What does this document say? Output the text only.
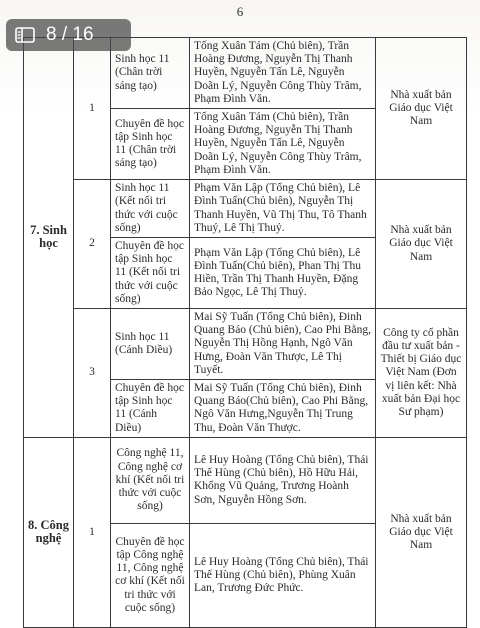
6
7. Sinh học	1	Sinh học 11 (Chân trời sáng tạo)	Tống Xuân Tám (Chủ biên), Trần Hoàng Đương, Nguyễn Thị Thanh Huyền, Nguyễn Tấn Lê, Nguyễn Doãn Lý, Nguyễn Công Thùy Trâm, Phạm Đình Văn.	Nhà xuất bản Giáo dục Việt Nam
		Chuyên đề học tập Sinh học 11 (Chân trời sáng tạo)	Tống Xuân Tám (Chủ biên), Trần Hoàng Đương, Nguyễn Thị Thanh Huyền, Nguyễn Tấn Lê, Nguyễn Doãn Lý, Nguyễn Công Thùy Trâm, Phạm Đình Văn.	
	2	Sinh học 11 (Kết nối tri thức với cuộc sống)	Phạm Văn Lập (Tổng Chủ biên), Lê Đình Tuấn(Chủ biên), Nguyễn Thị Thanh Huyền, Vũ Thị Thu, Tô Thanh Thuý, Lê Thị Thuỷ.	Nhà xuất bản Giáo dục Việt Nam
		Chuyên đề học tập Sinh học 11 (Kết nối tri thức với cuộc sống)	Phạm Văn Lập (Tổng Chủ biên), Lê Đình Tuấn(Chủ biên), Phan Thị Thu Hiền, Trần Thị Thanh Huyền, Đặng Bảo Ngọc, Lê Thị Thuỷ.	
	3	Sinh học 11 (Cánh Diều)	Mai Sỹ Tuấn (Tổng Chủ biên), Đinh Quang Báo (Chủ biên), Cao Phi Bằng, Nguyễn Thị Hồng Hạnh, Ngô Văn Hưng, Đoàn Văn Thược, Lê Thị Tuyết.	Công ty cổ phần đầu tư xuất bản - Thiết bị Giáo dục Việt Nam (Đơn vị liên kết: Nhà xuất bản Đại học Sư phạm)
		Chuyên đề học tập Sinh học 11 (Cánh Diều)	Mai Sỹ Tuấn (Tổng Chủ biên), Đinh Quang Báo(Chủ biên), Cao Phi Bằng, Ngô Văn Hưng,Nguyễn Thị Trung Thu, Đoàn Văn Thược.	
8. Công nghệ	1	Công nghệ 11, Công nghệ cơ khí (Kết nối tri thức với cuộc sống)	Lê Huy Hoàng (Tổng Chủ biên), Thái Thế Hùng (Chủ biên), Hồ Hữu Hải, Khổng Vũ Quảng, Trương Hoành Sơn, Nguyễn Hồng Sơn.	Nhà xuất bản Giáo dục Việt Nam
		Chuyên đề học tập Công nghệ 11, Công nghệ cơ khí (Kết nối tri thức với cuộc sống)	Lê Huy Hoàng (Tổng Chủ biên), Thái Thế Hùng (Chủ biên), Phùng Xuân Lan, Trương Đức Phức.	
8 / 16
